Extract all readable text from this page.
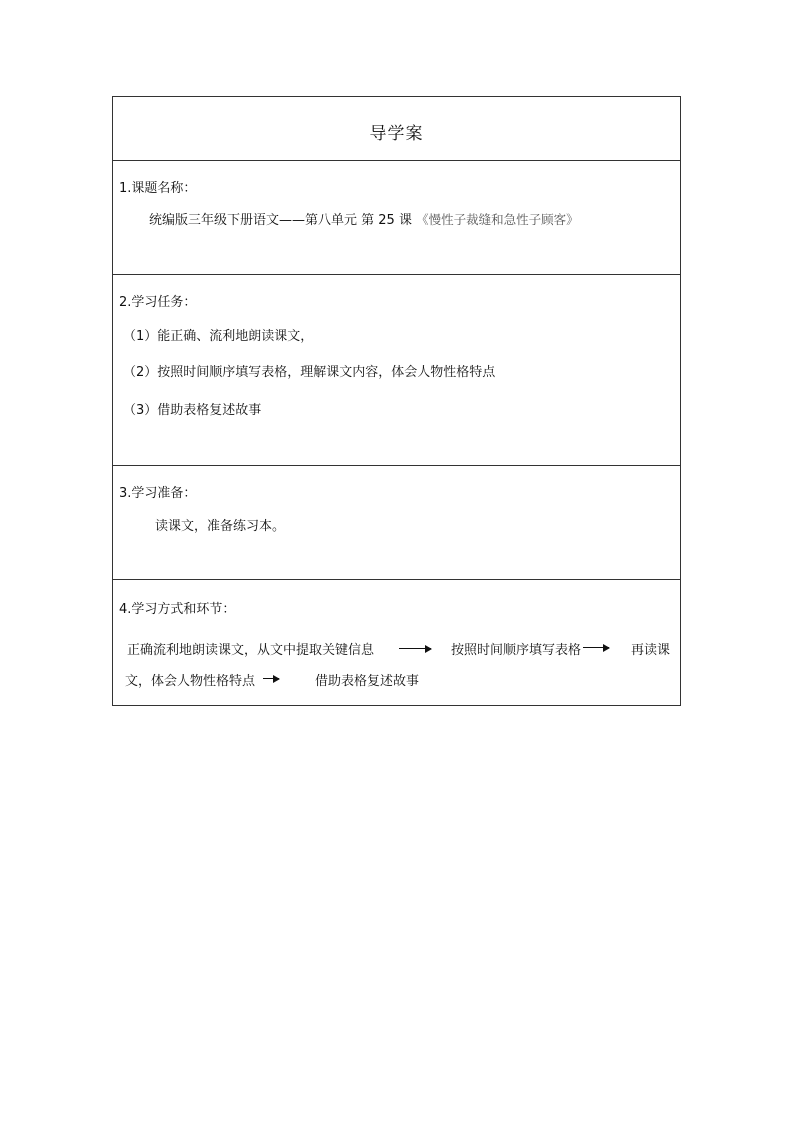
导学案
1.课题名称：
统编版三年级下册语文——第八单元 第 25 课 《慢性子裁缝和急性子顾客》
2.学习任务：
（1）能正确、流利地朗读课文，
（2）按照时间顺序填写表格，理解课文内容，体会人物性格特点
（3）借助表格复述故事
3.学习准备：
读课文，准备练习本。
4.学习方式和环节：
正确流利地朗读课文，从文中提取关键信息	按照时间顺序填写表格	再读课
文，体会人物性格特点	借助表格复述故事
